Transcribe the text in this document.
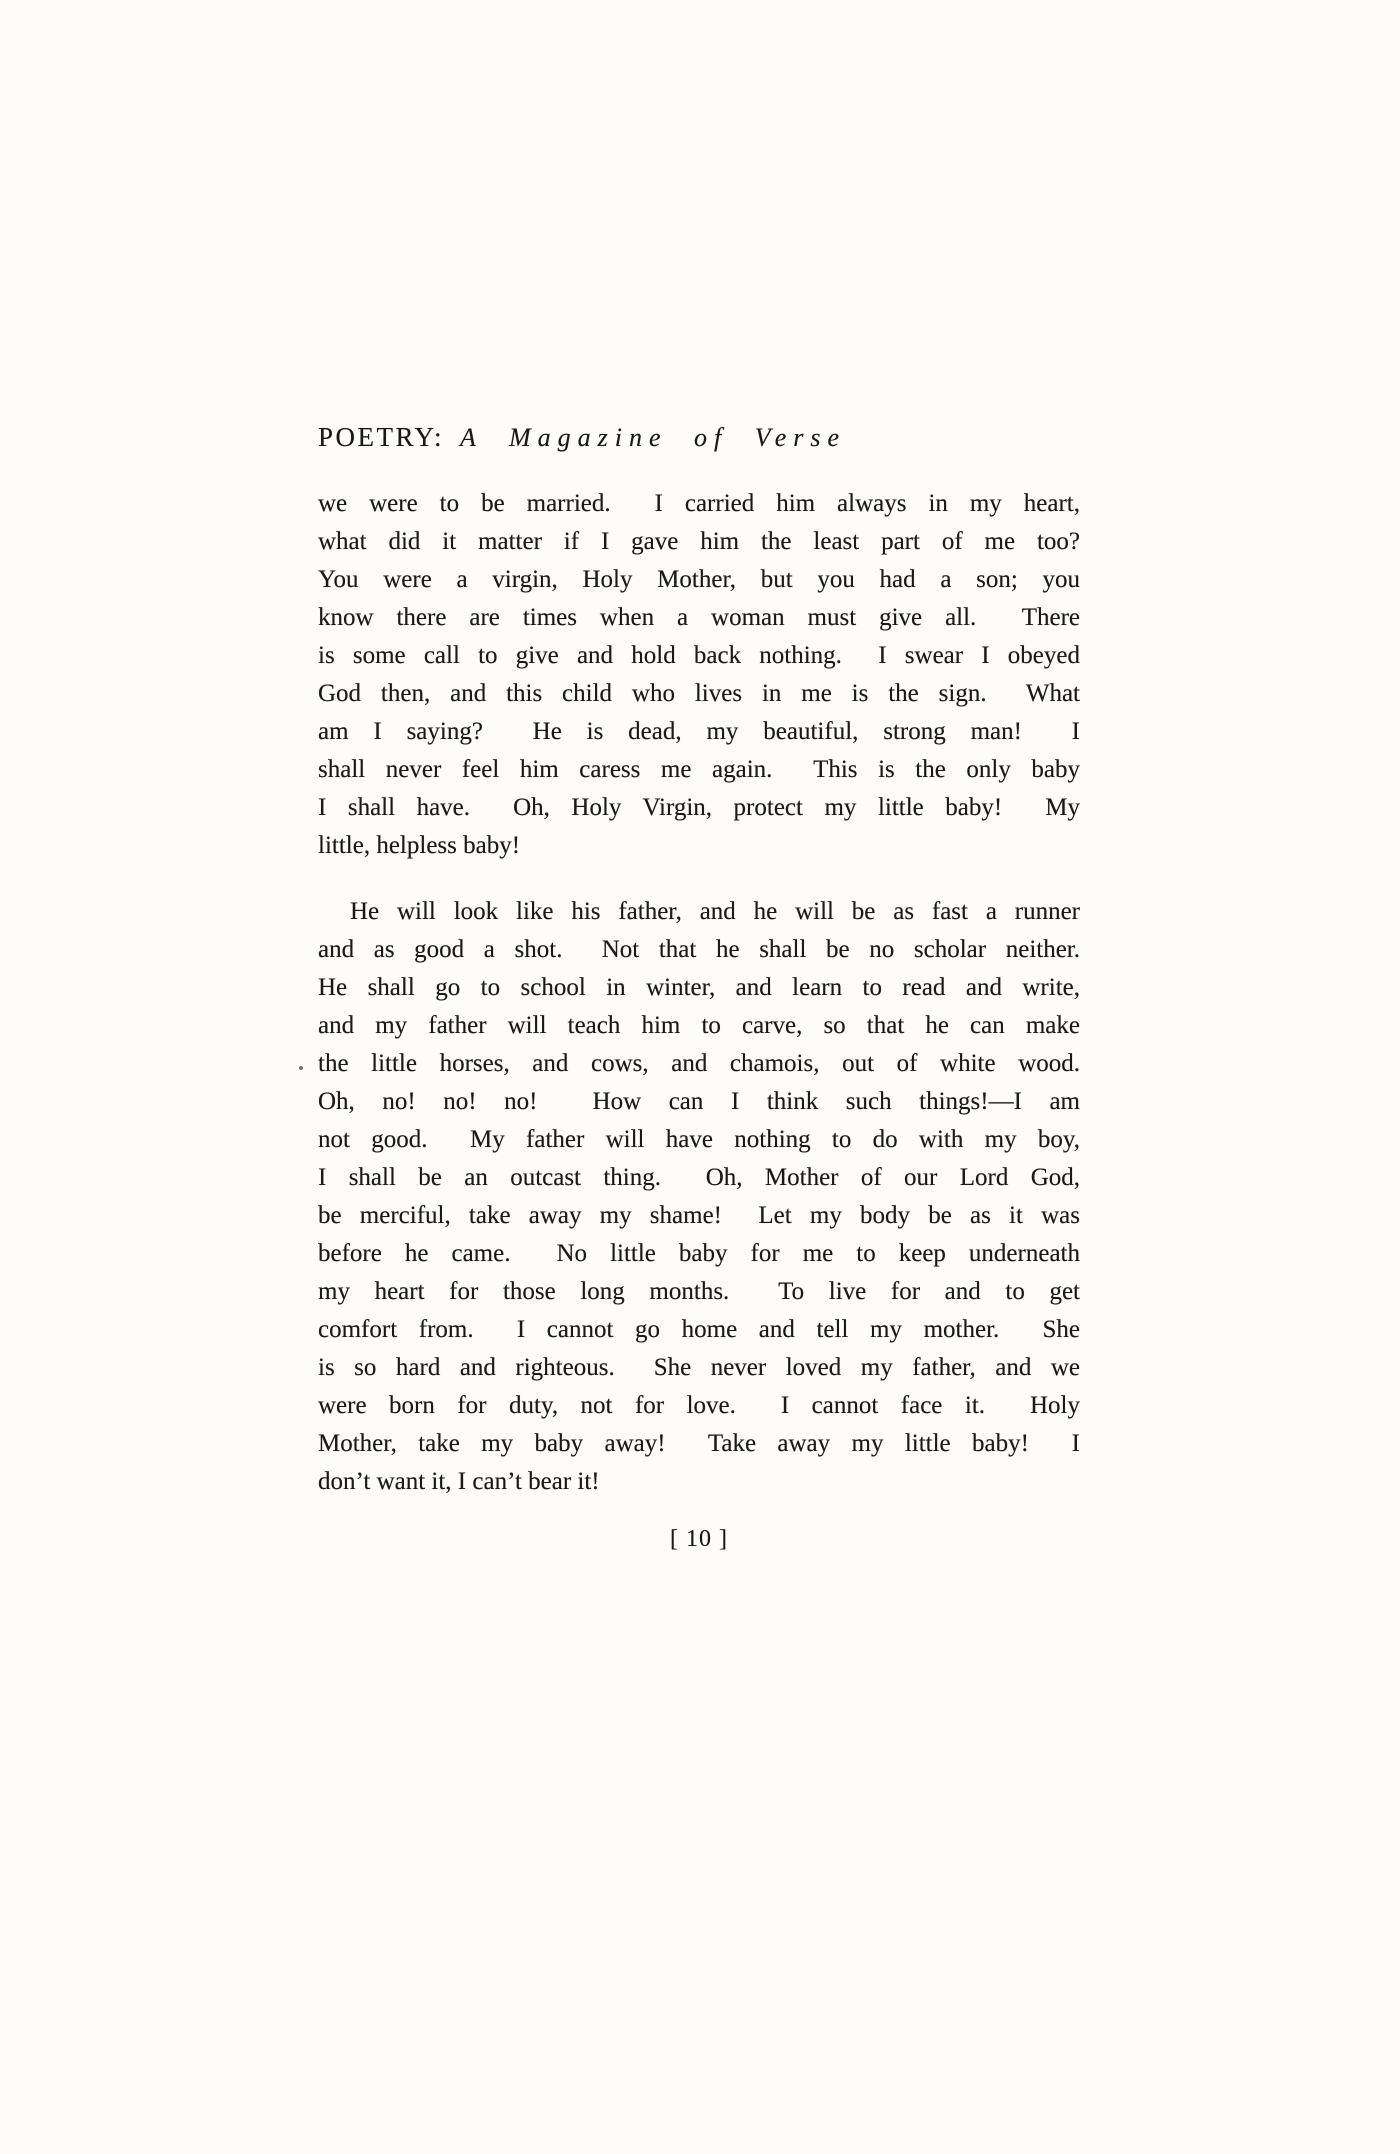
POETRY: A Magazine of Verse
we were to be married.  I carried him always in my heart,
what did it matter if I gave him the least part of me too?
You were a virgin, Holy Mother, but you had a son; you
know there are times when a woman must give all.  There
is some call to give and hold back nothing.  I swear I obeyed
God then, and this child who lives in me is the sign.  What
am I saying?  He is dead, my beautiful, strong man!  I
shall never feel him caress me again.  This is the only baby
I shall have.  Oh, Holy Virgin, protect my little baby!  My
little, helpless baby!
He will look like his father, and he will be as fast a runner
and as good a shot.  Not that he shall be no scholar neither.
He shall go to school in winter, and learn to read and write,
and my father will teach him to carve, so that he can make
the little horses, and cows, and chamois, out of white wood.
Oh, no! no! no!  How can I think such things!—I am
not good.  My father will have nothing to do with my boy,
I shall be an outcast thing.  Oh, Mother of our Lord God,
be merciful, take away my shame!  Let my body be as it was
before he came.  No little baby for me to keep underneath
my heart for those long months.  To live for and to get
comfort from.  I cannot go home and tell my mother.  She
is so hard and righteous.  She never loved my father, and we
were born for duty, not for love.  I cannot face it.  Holy
Mother, take my baby away!  Take away my little baby!  I
don’t want it, I can’t bear it!
[ 10 ]
